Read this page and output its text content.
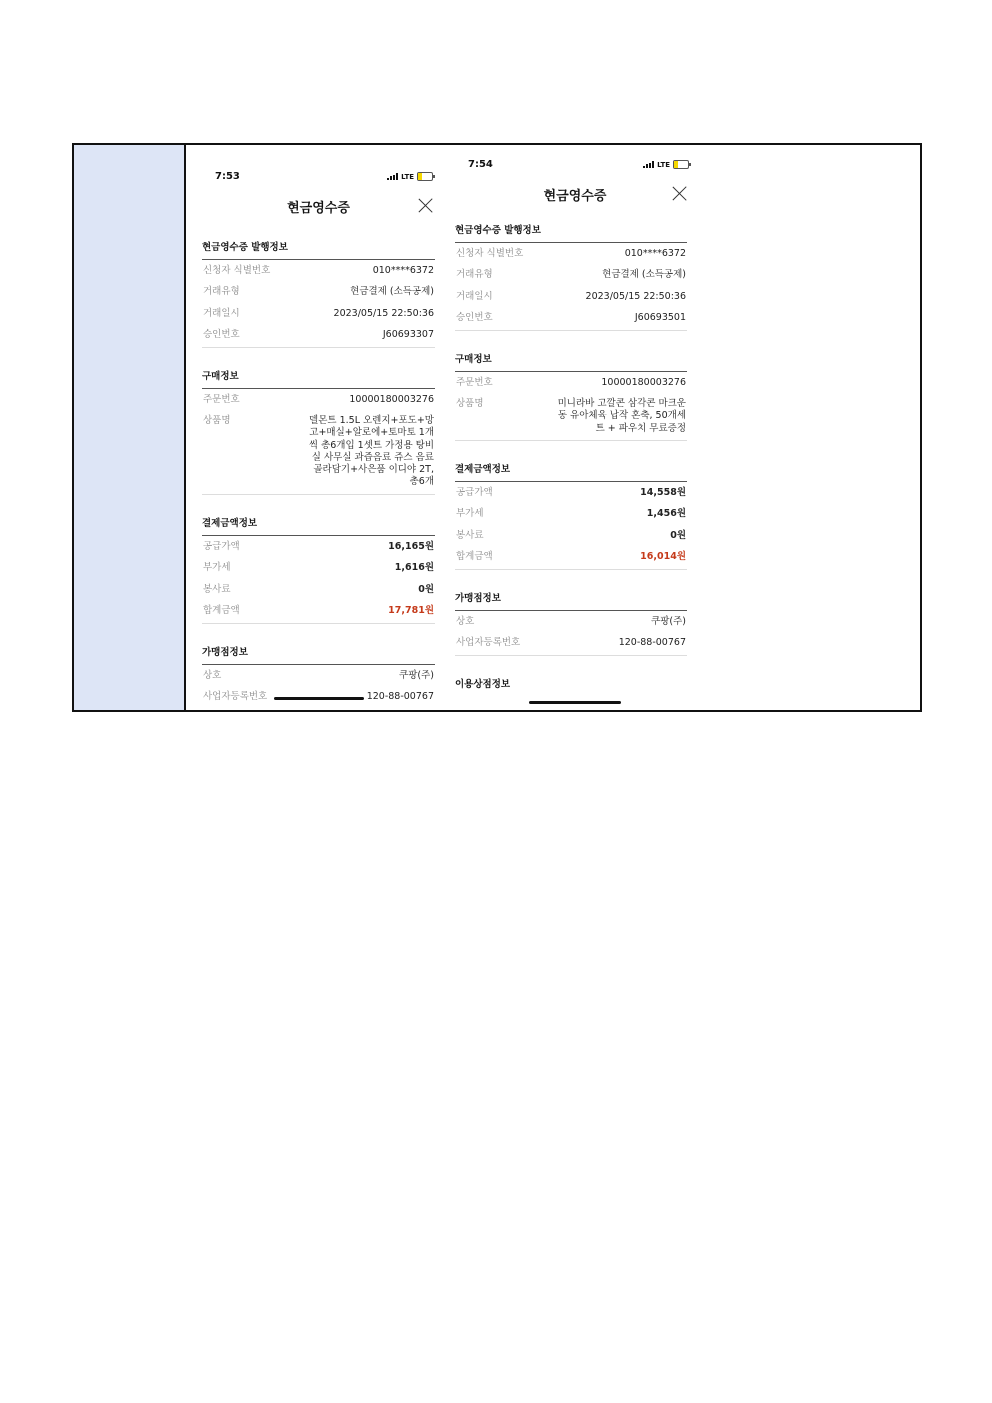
7:53	LTE
현금영수증
현금영수증 발행정보
신청자 식별번호	010****6372
거래유형	현금결제 (소득공제)
거래일시	2023/05/15 22:50:36
승인번호	J60693307
구매정보
주문번호	10000180003276
상품명	델몬트 1.5L 오렌지+포도+망고+매실+알로에+토마토 1개씩 총6개입 1셋트 가정용 탕비실 사무실 과즙음료 쥬스 음료 골라담기+사은품 이디야 2T, 총6개
결제금액정보
공급가액	16,165원
부가세	1,616원
봉사료	0원
합계금액	17,781원
가맹점정보
상호	쿠팡(주)
사업자등록번호	120-88-00767
7:54	LTE
현금영수증
현금영수증 발행정보
신청자 식별번호	010****6372
거래유형	현금결제 (소득공제)
거래일시	2023/05/15 22:50:36
승인번호	J60693501
구매정보
주문번호	10000180003276
상품명	미니라바 고깔콘 삼각콘 마크운동 유아체육 납작 혼축, 50개세트 + 파우치 무료증정
결제금액정보
공급가액	14,558원
부가세	1,456원
봉사료	0원
합계금액	16,014원
가맹점정보
상호	쿠팡(주)
사업자등록번호	120-88-00767
이용상점정보
